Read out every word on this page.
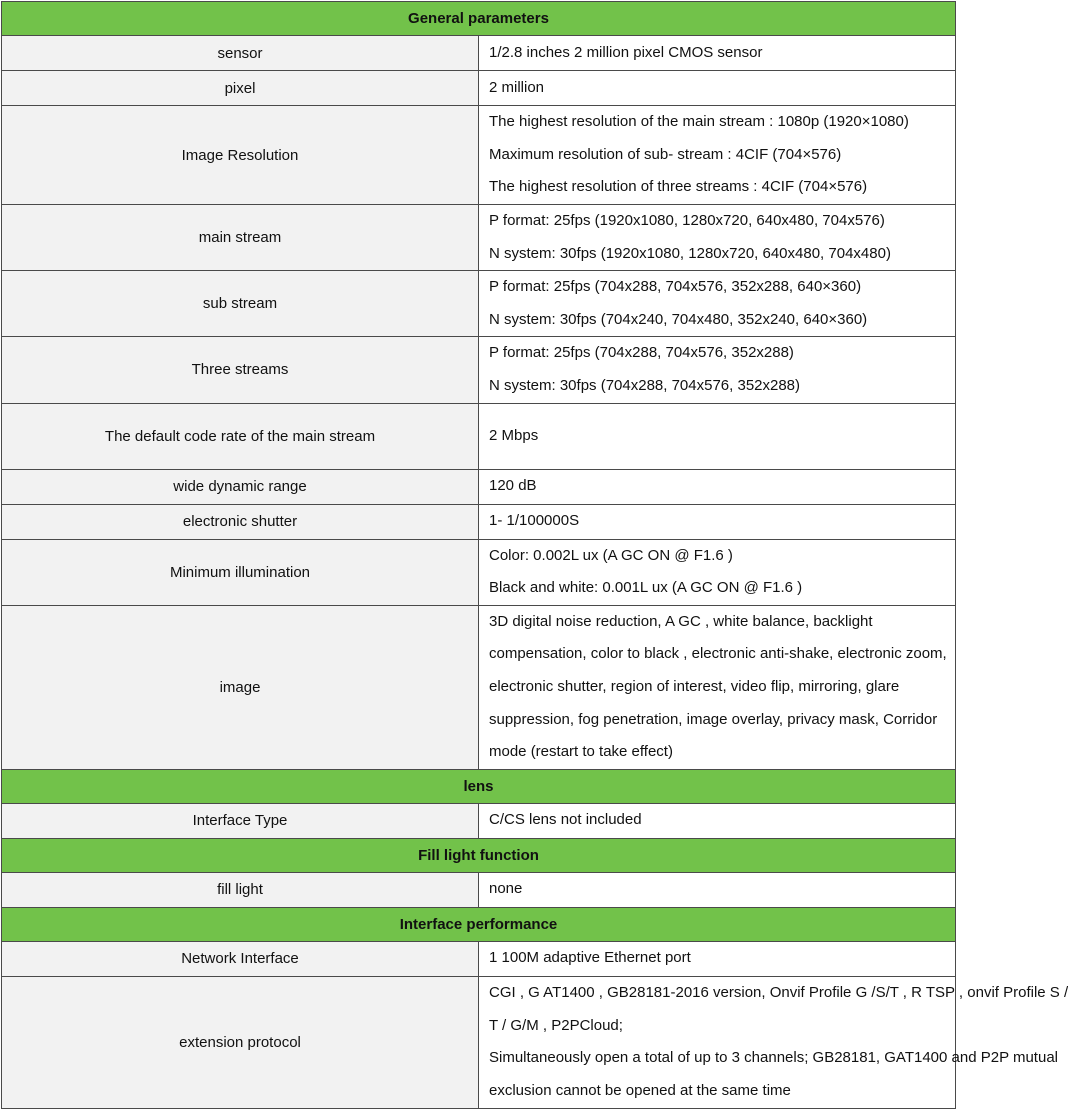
General parameters	
sensor	1/2.8 inches 2 million pixel CMOS sensor
pixel	2 million
Image Resolution	The highest resolution of the main stream : 1080p (1920×1080)
Maximum resolution of sub- stream : 4CIF (704×576)
The highest resolution of three streams : 4CIF (704×576)

main stream	P format: 25fps (1920x1080, 1280x720, 640x480, 704x576)
N system: 30fps (1920x1080, 1280x720, 640x480, 704x480)

sub stream	P format: 25fps (704x288, 704x576, 352x288, 640×360)
N system: 30fps (704x240, 704x480, 352x240, 640×360)

Three streams	P format: 25fps (704x288, 704x576, 352x288)
N system: 30fps (704x288, 704x576, 352x288)

The default code rate of the main stream	2 Mbps
wide dynamic range	120 dB
electronic shutter	1- 1/100000S
Minimum illumination	Color: 0.002L ux (A GC ON @ F1.6 )
Black and white: 0.001L ux (A GC ON @ F1.6 )

image	3D digital noise reduction, A GC , white balance, backlight compensation, color to black , electronic anti-shake, electronic zoom, electronic shutter, region of interest, video flip, mirroring, glare suppression, fog penetration, image overlay, privacy mask, Corridor mode (restart to take effect)

lens	
Interface Type	C/CS lens not included
Fill light function	
fill light	none
Interface performance	
Network Interface	1 100M adaptive Ethernet port
extension protocol	CGI , G AT1400 , GB28181-2016 version, Onvif Profile G /S/T , R TSP , onvif Profile S /
T / G/M , P2PCloud;
Simultaneously open a total of up to 3 channels; GB28181, GAT1400 and P2P mutual
exclusion cannot be opened at the same time
